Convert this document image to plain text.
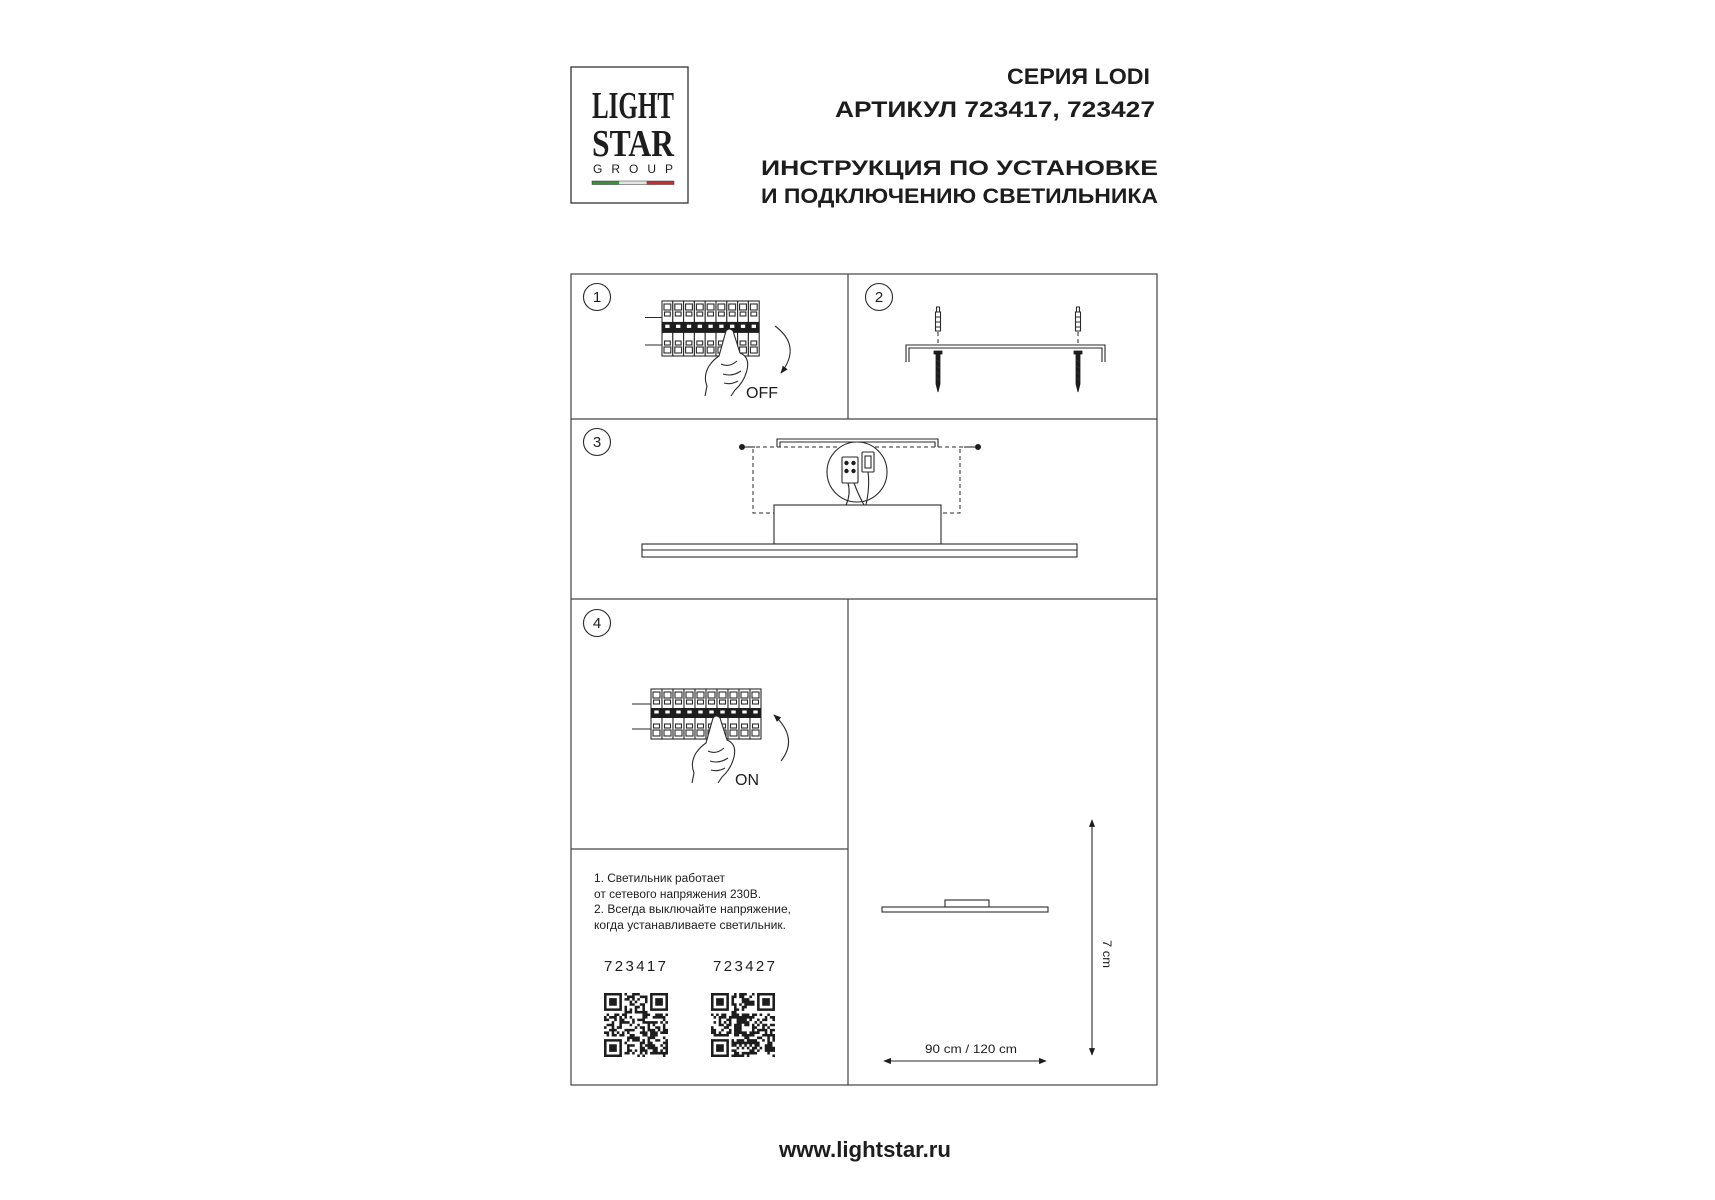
LIGHT
STAR
GROUP
СЕРИЯ LODI
АРТИКУЛ 723417, 723427
ИНСТРУКЦИЯ ПО УСТАНОВКЕ
И ПОДКЛЮЧЕНИЮ СВЕТИЛЬНИКА
1
OFF
2
3
4
ON
1. Светильник работает
от сетевого напряжения 230В.
2. Всегда выключайте напряжение,
когда устанавливаете светильник.
723417	723427
7 cm
90 cm / 120 cm
www.lightstar.ru
